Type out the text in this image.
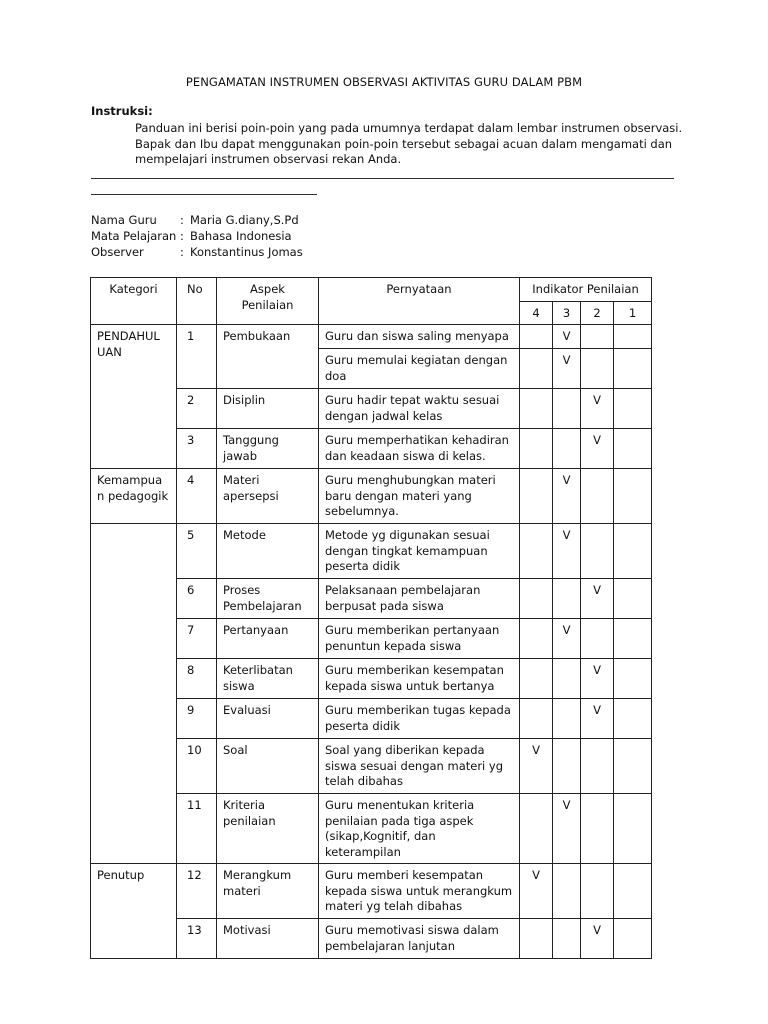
PENGAMATAN INSTRUMEN OBSERVASI AKTIVITAS GURU DALAM PBM
Instruksi:
Panduan ini berisi poin-poin yang pada umumnya terdapat dalam lembar instrumen observasi.
Bapak dan Ibu dapat menggunakan poin-poin tersebut sebagai acuan dalam mengamati dan
mempelajari instrumen observasi rekan Anda.
Nama Guru	: Maria G.diany,S.Pd
Mata Pelajaran : Bahasa Indonesia
Observer	: Konstantinus Jomas
Kategori	No	Aspek Penilaian	Pernyataan	Indikator Penilaian			
				4	3	2	1
PENDAHUL UAN	1	Pembukaan	Guru dan siswa saling menyapa		V		
			Guru memulai kegiatan dengan doa		V		
	2	Disiplin	Guru hadir tepat waktu sesuai dengan jadwal kelas			V	
	3	Tanggung jawab	Guru memperhatikan kehadiran dan keadaan siswa di kelas.			V	
Kemampua n pedagogik	4	Materi apersepsi	Guru menghubungkan materi baru dengan materi yang sebelumnya.		V		
	5	Metode	Metode yg digunakan sesuai dengan tingkat kemampuan peserta didik		V		
	6	Proses Pembelajaran	Pelaksanaan pembelajaran berpusat pada siswa			V	
	7	Pertanyaan	Guru memberikan pertanyaan penuntun kepada siswa		V		
	8	Keterlibatan siswa	Guru memberikan kesempatan kepada siswa untuk bertanya			V	
	9	Evaluasi	Guru memberikan tugas kepada peserta didik			V	
	10	Soal	Soal yang diberikan kepada siswa sesuai dengan materi yg telah dibahas	V			
	11	Kriteria penilaian	Guru menentukan kriteria penilaian pada tiga aspek (sikap,Kognitif, dan keterampilan		V		
Penutup	12	Merangkum materi	Guru memberi kesempatan kepada siswa untuk merangkum materi yg telah dibahas	V			
	13	Motivasi	Guru memotivasi siswa dalam pembelajaran lanjutan			V	
